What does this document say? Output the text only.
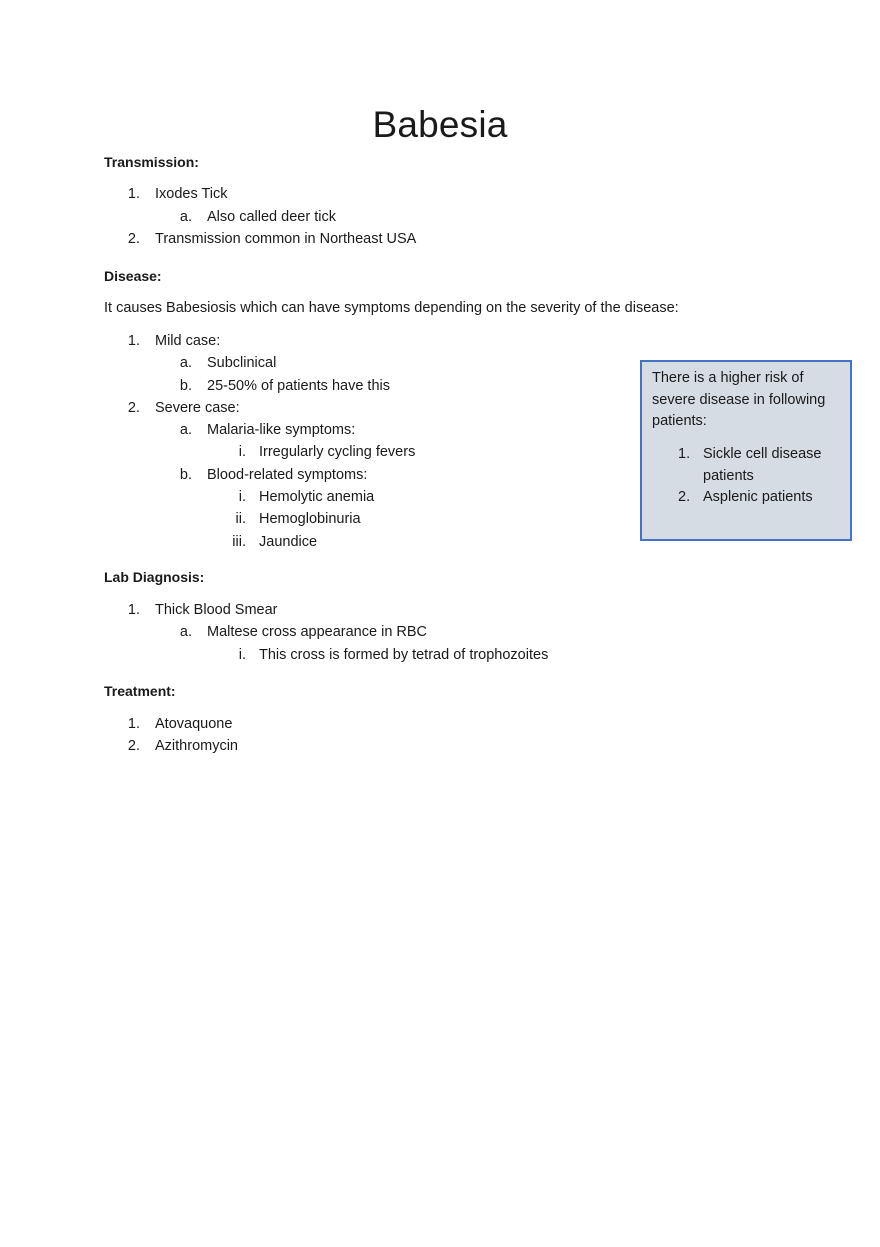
Babesia
Transmission:
1. Ixodes Tick
a. Also called deer tick
2. Transmission common in Northeast USA
Disease:
It causes Babesiosis which can have symptoms depending on the severity of the disease:
1. Mild case:
a. Subclinical
b. 25-50% of patients have this
2. Severe case:
a. Malaria-like symptoms:
i. Irregularly cycling fevers
b. Blood-related symptoms:
i. Hemolytic anemia
ii. Hemoglobinuria
iii. Jaundice
There is a higher risk of
severe disease in following
patients:
1. Sickle cell disease
patients
2. Asplenic patients
Lab Diagnosis:
1. Thick Blood Smear
a. Maltese cross appearance in RBC
i. This cross is formed by tetrad of trophozoites
Treatment:
1. Atovaquone
2. Azithromycin
